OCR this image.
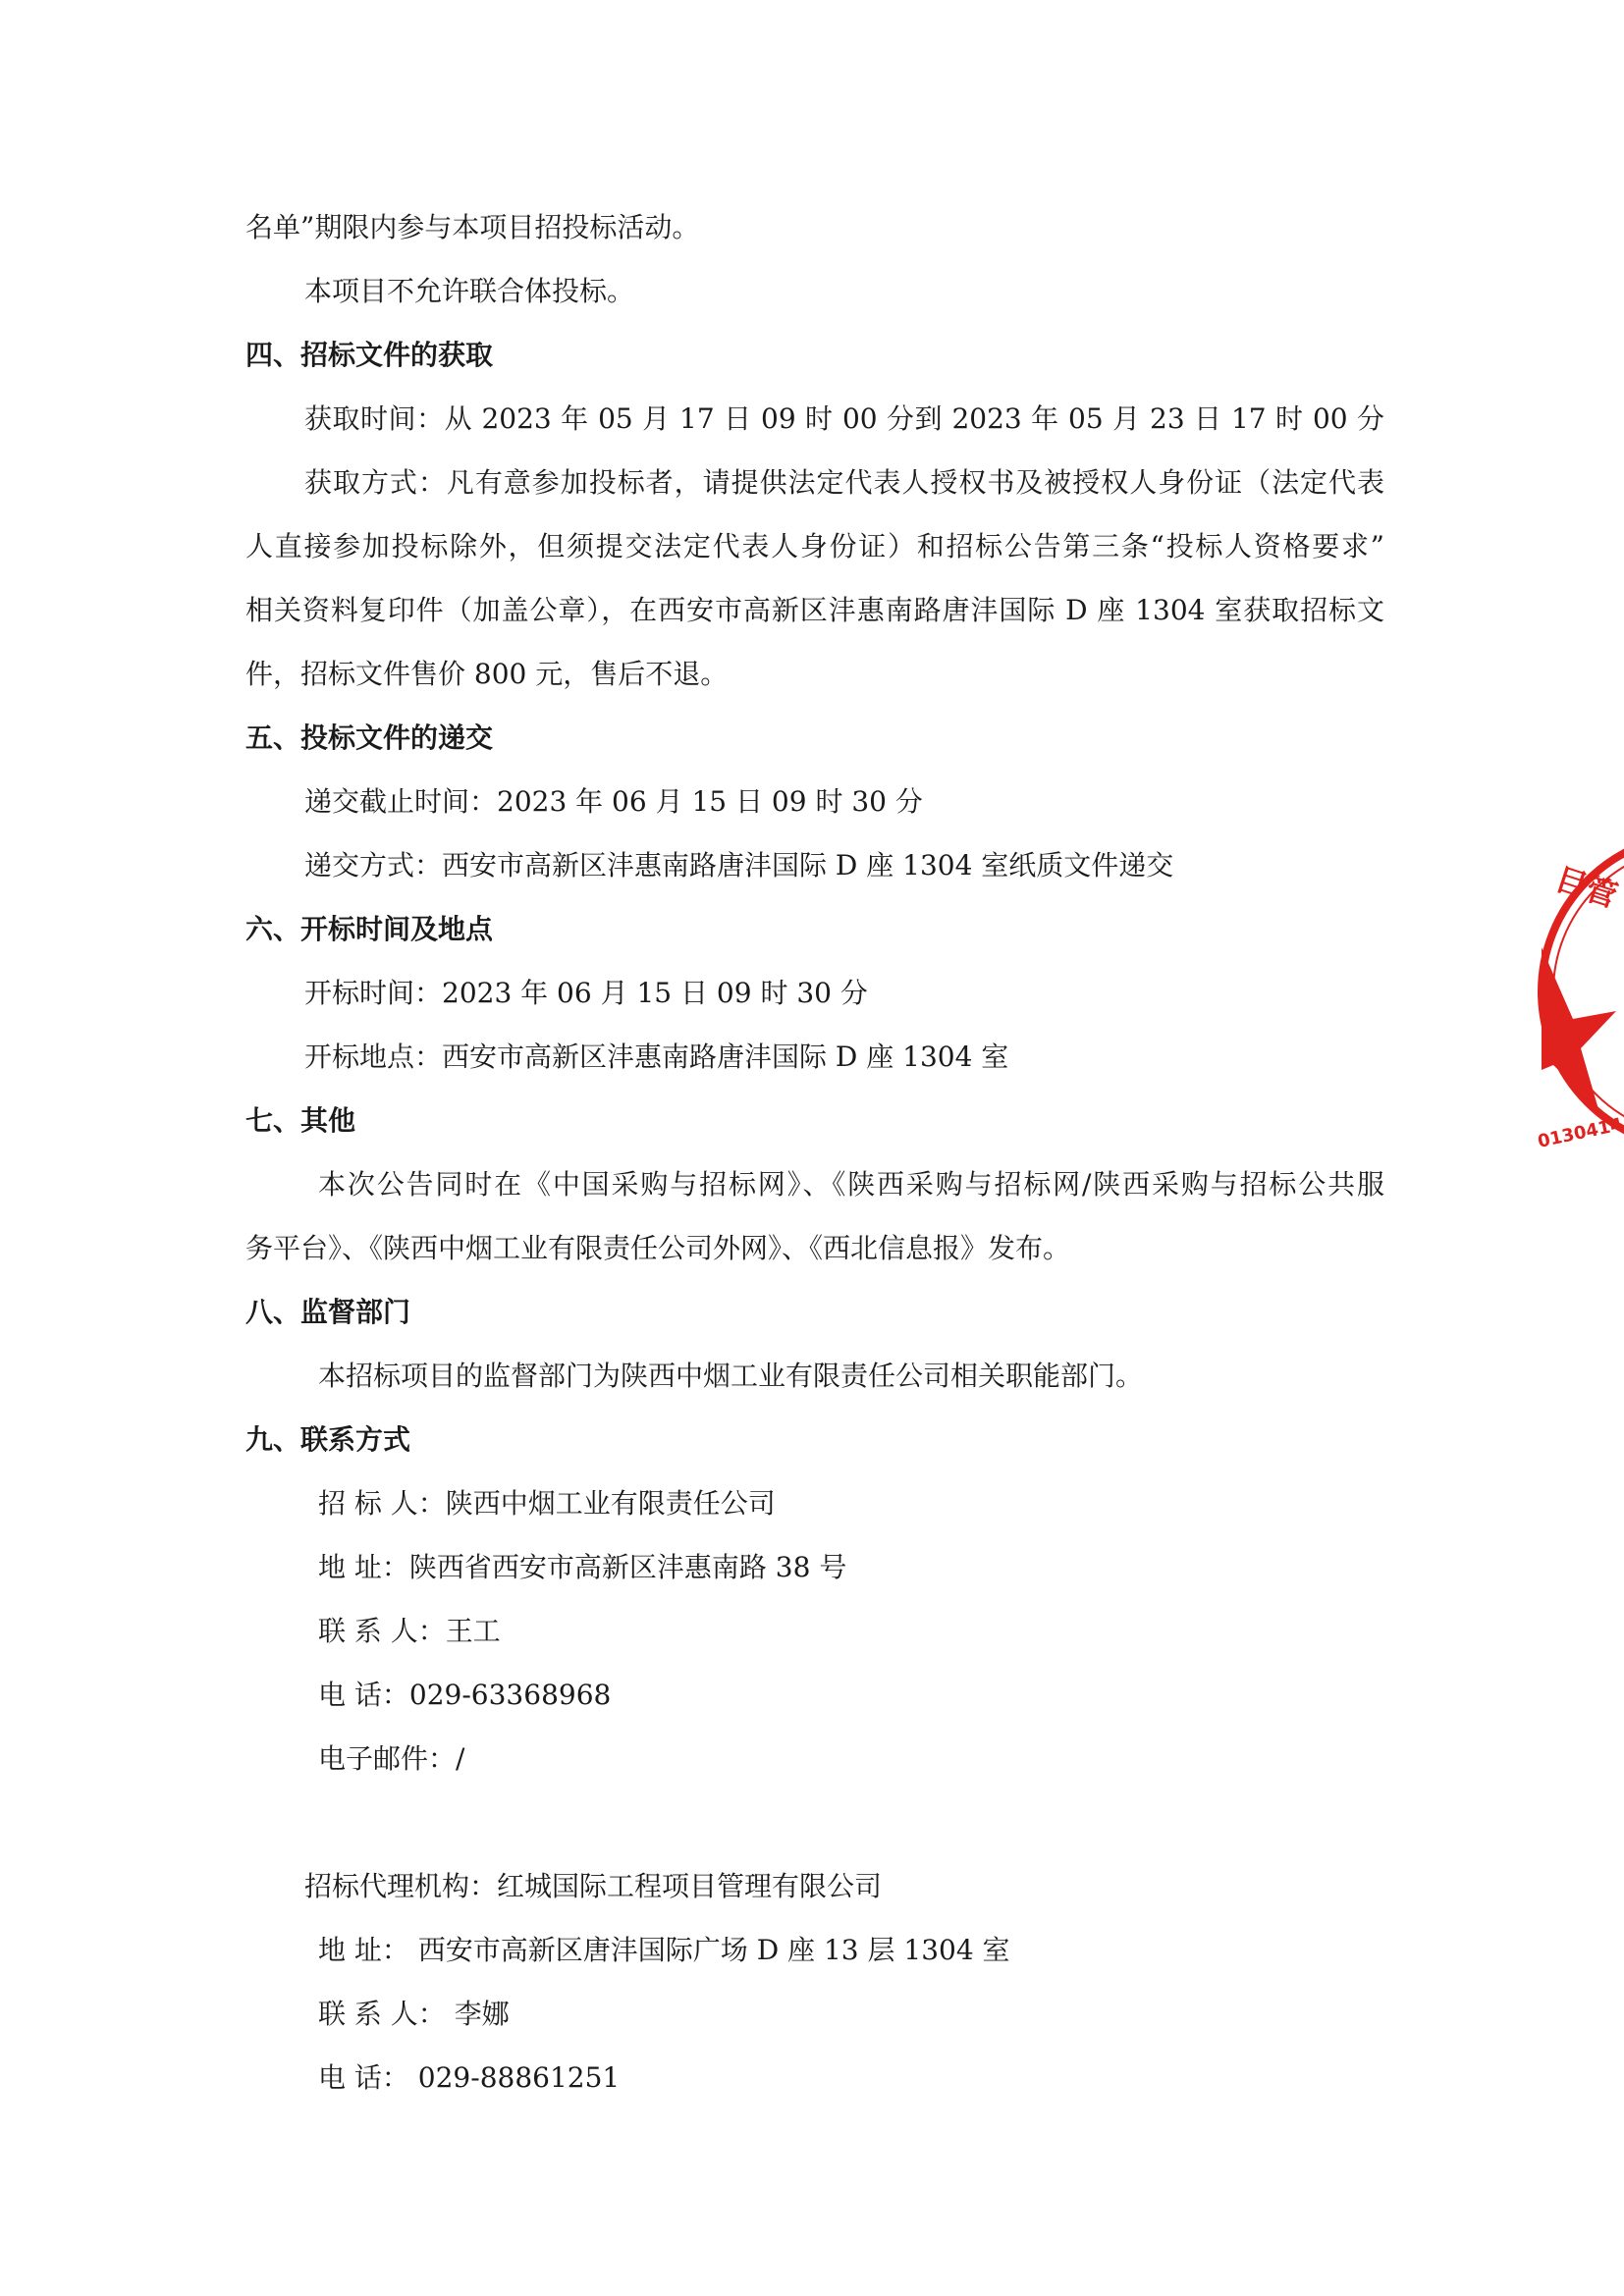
名单”期限内参与本项目招投标活动。
本项目不允许联合体投标。
四、招标文件的获取
获取时间：从 2023 年 05 月 17 日 09 时 00 分到 2023 年 05 月 23 日 17 时 00 分
获取方式：凡有意参加投标者，请提供法定代表人授权书及被授权人身份证（法定代表
人直接参加投标除外，但须提交法定代表人身份证）和招标公告第三条“投标人资格要求”
相关资料复印件（加盖公章），在西安市高新区沣惠南路唐沣国际 D 座 1304 室获取招标文
件，招标文件售价 800 元，售后不退。
五、投标文件的递交
递交截止时间：2023 年 06 月 15 日 09 时 30 分
递交方式：西安市高新区沣惠南路唐沣国际 D 座 1304 室纸质文件递交
六、开标时间及地点
开标时间：2023 年 06 月 15 日 09 时 30 分
开标地点：西安市高新区沣惠南路唐沣国际 D 座 1304 室
七、其他
本次公告同时在《中国采购与招标网》、《陕西采购与招标网/陕西采购与招标公共服
务平台》、《陕西中烟工业有限责任公司外网》、《西北信息报》发布。
八、监督部门
本招标项目的监督部门为陕西中烟工业有限责任公司相关职能部门。
九、联系方式
招 标 人：陕西中烟工业有限责任公司
地 址：陕西省西安市高新区沣惠南路 38 号
联 系 人：王工
电 话：029-63368968
电子邮件：/
招标代理机构：红城国际工程项目管理有限公司
地 址： 西安市高新区唐沣国际广场 D 座 13 层 1304 室
联 系 人： 李娜
电 话： 029-88861251
目管
0130414
